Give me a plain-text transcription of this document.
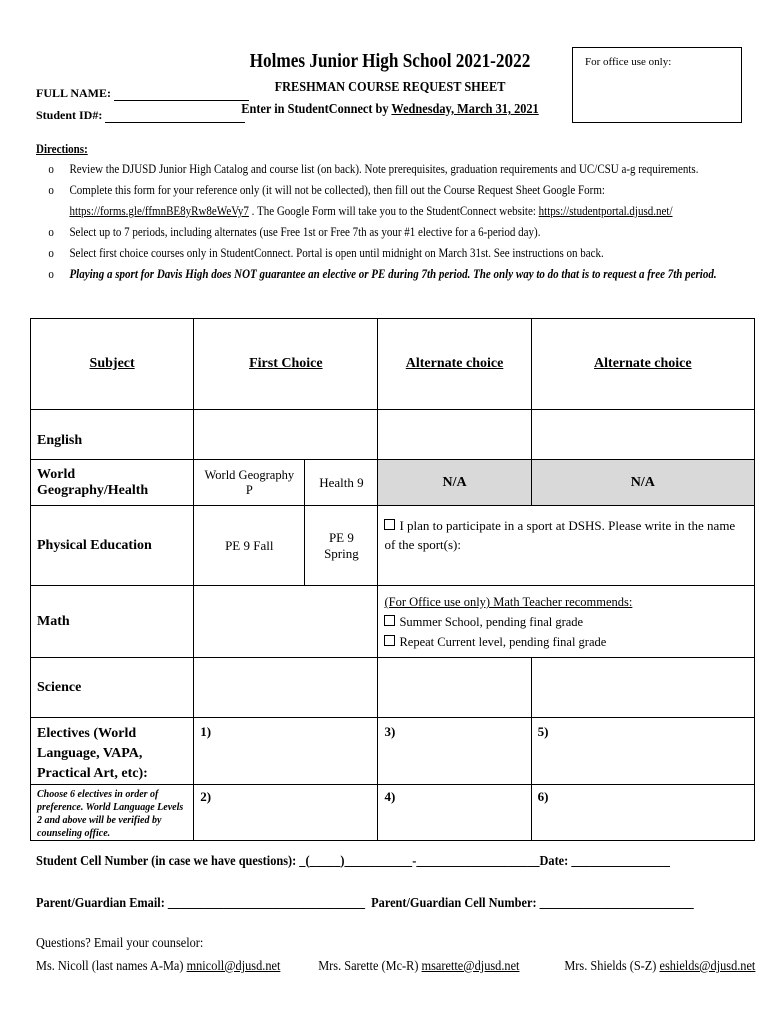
Holmes Junior High School 2021-2022	For office use only:
FRESHMAN COURSE REQUEST SHEET
Enter in StudentConnect by Wednesday, March 31, 2021
FULL NAME:
Student ID#:
Directions:
o Review the DJUSD Junior High Catalog and course list (on back). Note prerequisites, graduation requirements and UC/CSU a-g requirements.
o Complete this form for your reference only (it will not be collected), then fill out the Course Request Sheet Google Form:
https://forms.gle/ffmnBE8yRw8eWeVy7 . The Google Form will take you to the StudentConnect website: https://studentportal.djusd.net/
o Select up to 7 periods, including alternates (use Free 1st or Free 7th as your #1 elective for a 6-period day).
o Select first choice courses only in StudentConnect. Portal is open until midnight on March 31st. See instructions on back.
o Playing a sport for Davis High does NOT guarantee an elective or PE during 7th period. The only way to do that is to request a free 7th period.
Subject	First Choice		Alternate choice	Alternate choice
English				
World Geography/Health	World Geography P	Health 9	N/A	N/A
Physical Education	PE 9 Fall	PE 9 Spring	I plan to participate in a sport at DSHS. Please write in the name of the sport(s):	
Math			(For Office use only) Math Teacher recommends:
Summer School, pending final grade
Repeat Current level, pending final grade	

Science				
Electives (World Language, VAPA, Practical Art, etc):	1)		3)	5)

Choose 6 electives in order of preference. World Language Levels 2 and above will be verified by counseling office.	2)		4)	6)
Student Cell Number (in case we have questions): _(_____)___________-____________________Date: ________________
Parent/Guardian Email: ________________________________ Parent/Guardian Cell Number: _________________________
Questions? Email your counselor:
Ms. Nicoll (last names A-Ma) mnicoll@djusd.net	Mrs. Sarette (Mc-R) msarette@djusd.net	Mrs. Shields (S-Z) eshields@djusd.net
